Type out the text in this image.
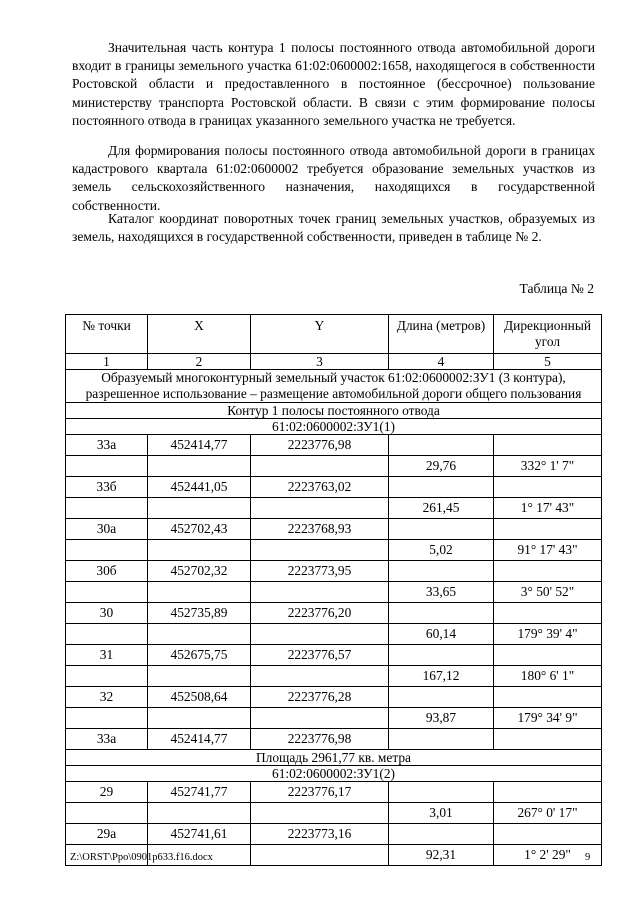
Значительная часть контура 1 полосы постоянного отвода автомобильной дороги входит в границы земельного участка 61:02:0600002:1658, находящегося в собственности Ростовской области и предоставленного в постоянное (бессрочное) пользование министерству транспорта Ростовской области. В связи с этим формирование полосы постоянного отвода в границах указанного земельного участка не требуется.

Для формирования полосы постоянного отвода автомобильной дороги в границах кадастрового квартала 61:02:0600002 требуется образование земельных участков из земель сельскохозяйственного назначения, находящихся в государственной собственности.

Каталог координат поворотных точек границ земельных участков, образуемых из земель, находящихся в государственной собственности, приведен в таблице № 2.

Таблица № 2
№ точки	X	Y	Длина (метров)	Дирекционный угол
1	2	3	4	5
Образуемый многоконтурный земельный участок 61:02:0600002:ЗУ1 (3 контура), разрешенное использование – размещение автомобильной дороги общего пользования				
Контур 1 полосы постоянного отвода				
61:02:0600002:ЗУ1(1)				
33а	452414,77	2223776,98		
			29,76	332° 1' 7"
33б	452441,05	2223763,02		
			261,45	1° 17' 43"
30а	452702,43	2223768,93		
			5,02	91° 17' 43"
30б	452702,32	2223773,95		
			33,65	3° 50' 52"
30	452735,89	2223776,20		
			60,14	179° 39' 4"
31	452675,75	2223776,57		
			167,12	180° 6' 1"
32	452508,64	2223776,28		
			93,87	179° 34' 9"
33а	452414,77	2223776,98		
Площадь 2961,77 кв. метра				
61:02:0600002:ЗУ1(2)				
29	452741,77	2223776,17		
			3,01	267° 0' 17"
29а	452741,61	2223773,16		
			92,31	1° 2' 29"
Z:\ORST\Ppo\0901p633.f16.docx	9
